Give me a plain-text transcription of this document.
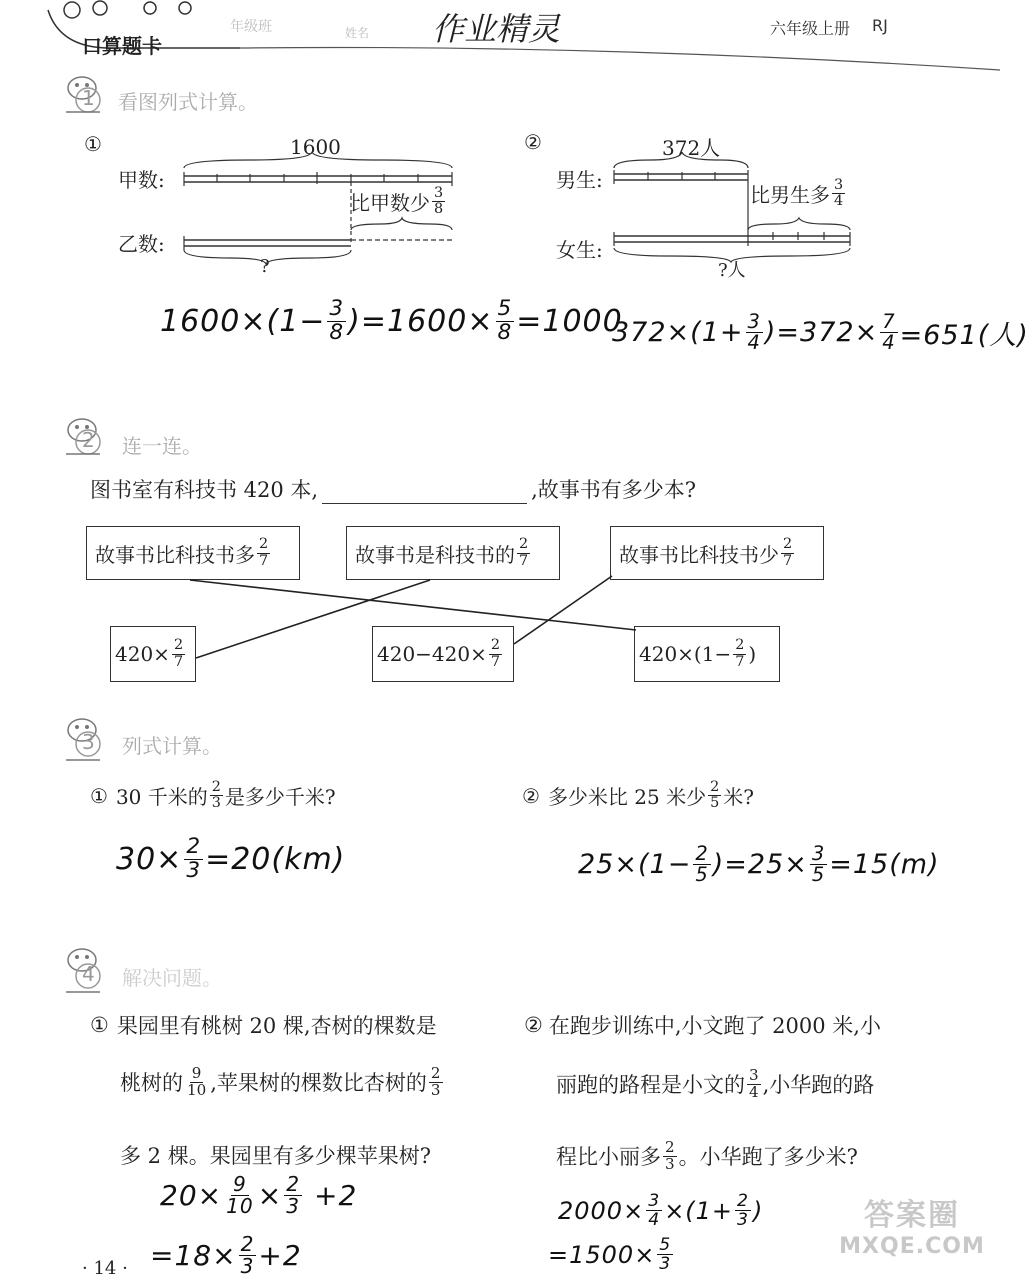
口算题卡
年级班	姓名 作业精灵	六年级上册 RJ
1 看图列式计算。
2 连一连。
3 列式计算。
4 解决问题。
①	1600
甲数:
乙数:
比甲数少 3
8
?
$1600\times(1- \frac{3}{8} )=1600\times \frac{5}{8} =1000$
②	372人
男生:
女生:
比男生多 3
4
?人
$372\times(1+ \frac{3}{4} )=372\times \frac{7}{4} =651$(人)
图书室有科技书 420 本,	,故事书有多少本?
故事书比科技书多 2
7	故事书是科技书的 2
7	故事书比科技书少 2
7
$420\times \frac{2}{7}$	$420-420\times \frac{2}{7}$	$420\times(1- \frac{2}{7}$ )
① 30 千米的 2
3 是多少千米?
$30\times \frac{2}{3} =20(km)$
② 多少米比 25 米少 2
5 米?
$25\times(1- \frac{2}{5} )=25\times \frac{3}{5} =15(m)$
① 果园里有桃树 20 棵,杏树的棵数是
桃树的 9
10 ,苹果树的棵数比杏树的 2
3
多 2 棵。果园里有多少棵苹果树?
$20\times \frac{9}{10} \times \frac{2}{3} +2$
$=18\times \frac{2}{3} +2$
② 在跑步训练中,小文跑了 2000 米,小
丽跑的路程是小文的 3
4 ,小华跑的路
程比小丽多 2
3 。小华跑了多少米?
$2000\times \frac{3}{4} \times(1+ \frac{2}{3}$ )
$=1500\times \frac{5}{3}$
· 14 ·
答案圈
MXQE.COM
